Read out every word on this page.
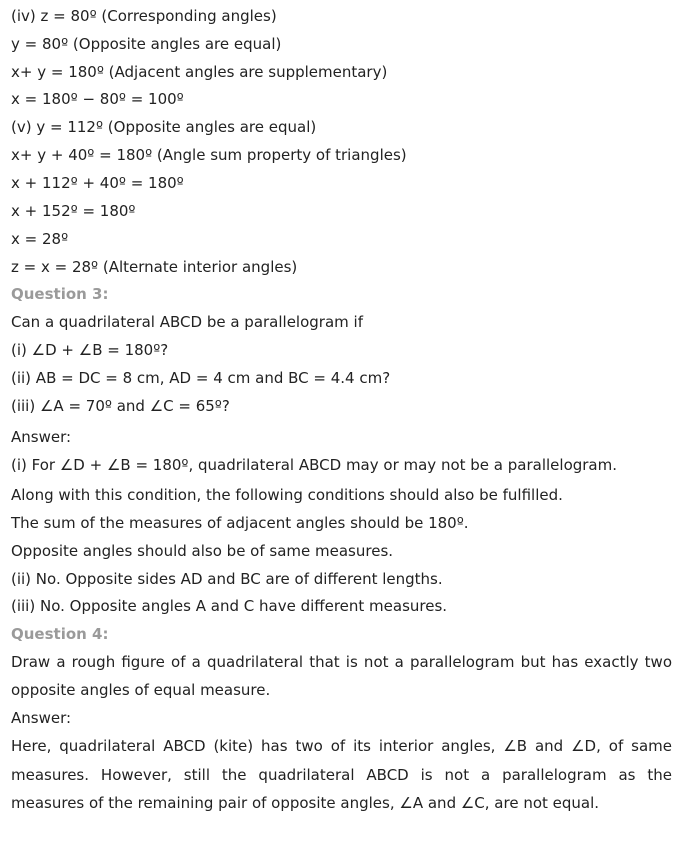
(iv) z = 80º (Corresponding angles)
y = 80º (Opposite angles are equal)
x+ y = 180º (Adjacent angles are supplementary)
x = 180º − 80º = 100º
(v) y = 112º (Opposite angles are equal)
x+ y + 40º = 180º (Angle sum property of triangles)
x + 112º + 40º = 180º
x + 152º = 180º
x = 28º
z = x = 28º (Alternate interior angles)
Question 3:
Can a quadrilateral ABCD be a parallelogram if
(i) ∠D + ∠B = 180º?
(ii) AB = DC = 8 cm, AD = 4 cm and BC = 4.4 cm?
(iii) ∠A = 70º and ∠C = 65º?
Answer:
(i) For ∠D + ∠B = 180º, quadrilateral ABCD may or may not be a parallelogram.
Along with this condition, the following conditions should also be fulfilled.
The sum of the measures of adjacent angles should be 180º.
Opposite angles should also be of same measures.
(ii) No. Opposite sides AD and BC are of different lengths.
(iii) No. Opposite angles A and C have different measures.
Question 4:
Draw a rough figure of a quadrilateral that is not a parallelogram but has exactly two
opposite angles of equal measure.
Answer:
Here, quadrilateral ABCD (kite) has two of its interior angles, ∠B and ∠D, of same
measures. However, still the quadrilateral ABCD is not a parallelogram as the
measures of the remaining pair of opposite angles, ∠A and ∠C, are not equal.
